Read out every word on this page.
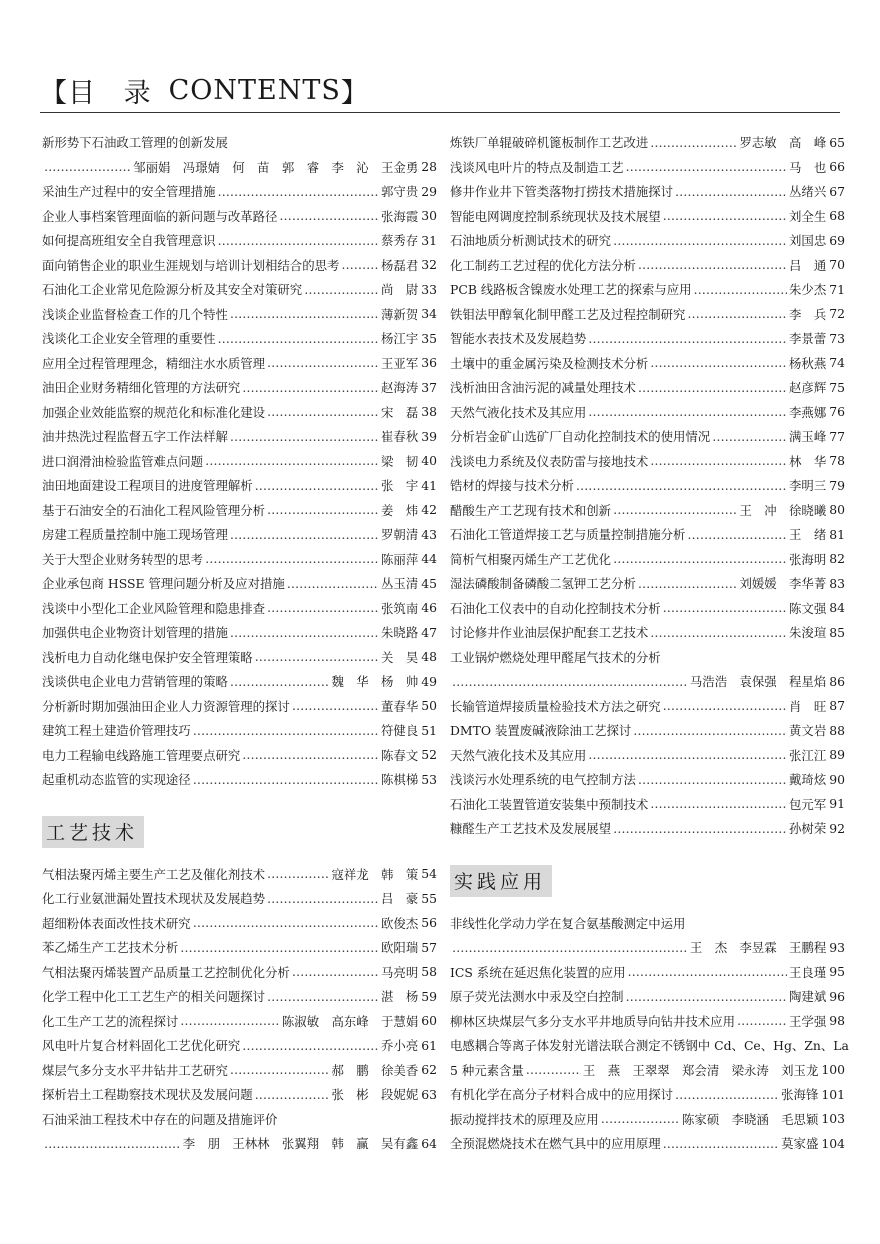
【 目 录 CONTENTS 】
新形势下石油政工管理的创新发展
……………………………………………………………………………………………………………………………………………………………………………
邹丽娟　冯璟婧　何　苗　郭　睿　李　沁　王金勇 28
采油生产过程中的安全管理措施 ……………………………………………………………………………………………………………………………………………………………………………	郭守贵 29
企业人事档案管理面临的新问题与改革路径 ……………………………………………………………………………………………………………………………………………………………………………	张海霞 30
如何提高班组安全自我管理意识 ……………………………………………………………………………………………………………………………………………………………………………	蔡秀存 31
面向销售企业的职业生涯规划与培训计划相结合的思考 ……………………………………………………………………………………………………………………………………………………………………………	杨磊君 32
石油化工企业常见危险源分析及其安全对策研究 ……………………………………………………………………………………………………………………………………………………………………………	尚　尉 33
浅谈企业监督检查工作的几个特性 ……………………………………………………………………………………………………………………………………………………………………………	薄新贺 34
浅谈化工企业安全管理的重要性 ……………………………………………………………………………………………………………………………………………………………………………	杨江宇 35
应用全过程管理理念，精细注水水质管理 ……………………………………………………………………………………………………………………………………………………………………………	王亚军 36
油田企业财务精细化管理的方法研究 ……………………………………………………………………………………………………………………………………………………………………………	赵海涛 37
加强企业效能监察的规范化和标准化建设 ……………………………………………………………………………………………………………………………………………………………………………	宋　磊 38
油井热洗过程监督五字工作法样解 ……………………………………………………………………………………………………………………………………………………………………………	崔春秋 39
进口润滑油检验监管难点问题 ……………………………………………………………………………………………………………………………………………………………………………	梁　韧 40
油田地面建设工程项目的进度管理解析 ……………………………………………………………………………………………………………………………………………………………………………	张　宇 41
基于石油安全的石油化工程风险管理分析 ……………………………………………………………………………………………………………………………………………………………………………	姜　炜 42
房建工程质量控制中施工现场管理 ……………………………………………………………………………………………………………………………………………………………………………	罗朝清 43
关于大型企业财务转型的思考 ……………………………………………………………………………………………………………………………………………………………………………	陈丽萍 44
企业承包商 HSSE 管理问题分析及应对措施 ……………………………………………………………………………………………………………………………………………………………………………	丛玉清 45
浅谈中小型化工企业风险管理和隐患排查 ……………………………………………………………………………………………………………………………………………………………………………	张筑南 46
加强供电企业物资计划管理的措施 ……………………………………………………………………………………………………………………………………………………………………………	朱晓路 47
浅析电力自动化继电保护安全管理策略 ……………………………………………………………………………………………………………………………………………………………………………	关　昊 48
浅谈供电企业电力营销管理的策略 ……………………………………………………………………………………………………………………………………………………………………………	魏　华　杨　帅 49
分析新时期加强油田企业人力资源管理的探讨 ……………………………………………………………………………………………………………………………………………………………………………	董春华 50
建筑工程土建造价管理技巧 ……………………………………………………………………………………………………………………………………………………………………………	符健良 51
电力工程输电线路施工管理要点研究 ……………………………………………………………………………………………………………………………………………………………………………	陈春文 52
起重机动态监管的实现途径 ……………………………………………………………………………………………………………………………………………………………………………	陈棋梯 53
工艺技术
气相法聚丙烯主要生产工艺及催化剂技术 ……………………………………………………………………………………………………………………………………………………………………………	寇祥龙　韩　策 54
化工行业氨泄漏处置技术现状及发展趋势 ……………………………………………………………………………………………………………………………………………………………………………	吕　豪 55
超细粉体表面改性技术研究 ……………………………………………………………………………………………………………………………………………………………………………	欧俊杰 56
苯乙烯生产工艺技术分析 ……………………………………………………………………………………………………………………………………………………………………………	欧阳瑞 57
气相法聚丙烯装置产品质量工艺控制优化分析 ……………………………………………………………………………………………………………………………………………………………………………	马亮明 58
化学工程中化工工艺生产的相关问题探讨 ……………………………………………………………………………………………………………………………………………………………………………	湛　杨 59
化工生产工艺的流程探讨 ……………………………………………………………………………………………………………………………………………………………………………	陈淑敏　高东峰　于慧娟 60
风电叶片复合材料固化工艺优化研究 ……………………………………………………………………………………………………………………………………………………………………………	乔小亮 61
煤层气多分支水平井钻井工艺研究 ……………………………………………………………………………………………………………………………………………………………………………	郝　鹏　徐美香 62
探析岩土工程勘察技术现状及发展问题 ……………………………………………………………………………………………………………………………………………………………………………	张　彬　段妮妮 63
石油采油工程技术中存在的问题及措施评价
……………………………………………………………………………………………………………………………………………………………………………
李　朋　王林林　张翼翔　韩　赢　吴有鑫 64
炼铁厂单辊破碎机篦板制作工艺改进 ……………………………………………………………………………………………………………………………………………………………………………	罗志敏　高　峰 65
浅谈风电叶片的特点及制造工艺 ……………………………………………………………………………………………………………………………………………………………………………	马　也 66
修井作业井下管类落物打捞技术措施探讨 ……………………………………………………………………………………………………………………………………………………………………………	丛绪兴 67
智能电网调度控制系统现状及技术展望 ……………………………………………………………………………………………………………………………………………………………………………	刘全生 68
石油地质分析测试技术的研究 ……………………………………………………………………………………………………………………………………………………………………………	刘国忠 69
化工制药工艺过程的优化方法分析 ……………………………………………………………………………………………………………………………………………………………………………	吕　通 70
PCB 线路板含镍废水处理工艺的探索与应用 ……………………………………………………………………………………………………………………………………………………………………………	朱少杰 71
铁钼法甲醇氧化制甲醛工艺及过程控制研究 ……………………………………………………………………………………………………………………………………………………………………………	李　兵 72
智能水表技术及发展趋势 ……………………………………………………………………………………………………………………………………………………………………………	李景蕾 73
土壤中的重金属污染及检测技术分析 ……………………………………………………………………………………………………………………………………………………………………………	杨秋燕 74
浅析油田含油污泥的减量处理技术 ……………………………………………………………………………………………………………………………………………………………………………	赵彦辉 75
天然气液化技术及其应用 ……………………………………………………………………………………………………………………………………………………………………………	李燕娜 76
分析岩金矿山选矿厂自动化控制技术的使用情况 ……………………………………………………………………………………………………………………………………………………………………………	满玉峰 77
浅谈电力系统及仪表防雷与接地技术 ……………………………………………………………………………………………………………………………………………………………………………	林　华 78
锆材的焊接与技术分析 ……………………………………………………………………………………………………………………………………………………………………………	李明三 79
醋酸生产工艺现有技术和创新 ……………………………………………………………………………………………………………………………………………………………………………	王　冲　徐晓曦 80
石油化工管道焊接工艺与质量控制措施分析 ……………………………………………………………………………………………………………………………………………………………………………	王　绪 81
简析气相聚丙烯生产工艺优化 ……………………………………………………………………………………………………………………………………………………………………………	张海明 82
湿法磷酸制备磷酸二氢钾工艺分析 ……………………………………………………………………………………………………………………………………………………………………………	刘媛媛　李华菁 83
石油化工仪表中的自动化控制技术分析 ……………………………………………………………………………………………………………………………………………………………………………	陈文强 84
讨论修井作业油层保护配套工艺技术 ……………………………………………………………………………………………………………………………………………………………………………	朱浚瑄 85
工业锅炉燃烧处理甲醛尾气技术的分析
……………………………………………………………………………………………………………………………………………………………………………
马浩浩　袁保强　程星焰 86
长输管道焊接质量检验技术方法之研究 ……………………………………………………………………………………………………………………………………………………………………………	肖　旺 87
DMTO 装置废碱液除油工艺探讨 ……………………………………………………………………………………………………………………………………………………………………………	黄文岩 88
天然气液化技术及其应用 ……………………………………………………………………………………………………………………………………………………………………………	张江江 89
浅谈污水处理系统的电气控制方法 ……………………………………………………………………………………………………………………………………………………………………………	戴琦炫 90
石油化工装置管道安装集中预制技术 ……………………………………………………………………………………………………………………………………………………………………………	包元军 91
糠醛生产工艺技术及发展展望 ……………………………………………………………………………………………………………………………………………………………………………	孙树荣 92
实践应用
非线性化学动力学在复合氨基酸测定中运用
……………………………………………………………………………………………………………………………………………………………………………
王　杰　李昱霖　王鹏程 93
ICS 系统在延迟焦化装置的应用 ……………………………………………………………………………………………………………………………………………………………………………	王良瑾 95
原子荧光法测水中汞及空白控制 ……………………………………………………………………………………………………………………………………………………………………………	陶建斌 96
柳林区块煤层气多分支水平井地质导向钻井技术应用 ……………………………………………………………………………………………………………………………………………………………………………	王学强 98
电感耦合等离子体发射光谱法联合测定不锈钢中 Cd、Ce、Hg、Zn、La
5 种元素含量 ……………………………………………………………………………………………………………………………………………………………………………	王　燕　王翠翠　郑会清　梁永涛　刘玉龙 100
有机化学在高分子材料合成中的应用探讨 ……………………………………………………………………………………………………………………………………………………………………………	张海锋 101
振动搅拌技术的原理及应用 ……………………………………………………………………………………………………………………………………………………………………………	陈家硕　李晓涵　毛思颖 103
全预混燃烧技术在燃气具中的应用原理 ……………………………………………………………………………………………………………………………………………………………………………	莫家盛 104
